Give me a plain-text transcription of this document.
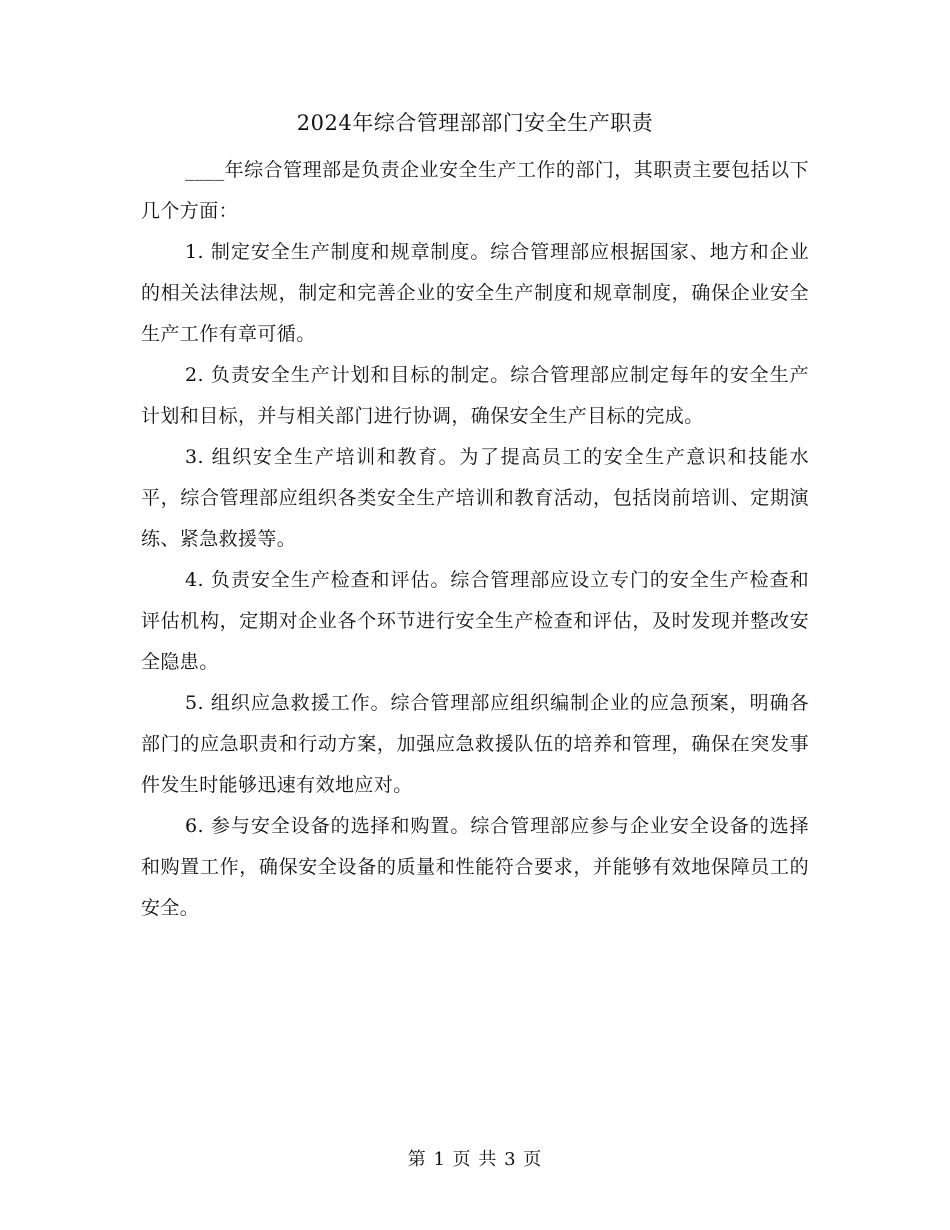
2024年综合管理部部门安全生产职责

____年综合管理部是负责企业安全生产工作的部门，其职责主要包括以下几个方面：

1. 制定安全生产制度和规章制度。综合管理部应根据国家、地方和企业的相关法律法规，制定和完善企业的安全生产制度和规章制度，确保企业安全生产工作有章可循。

2. 负责安全生产计划和目标的制定。综合管理部应制定每年的安全生产计划和目标，并与相关部门进行协调，确保安全生产目标的完成。

3. 组织安全生产培训和教育。为了提高员工的安全生产意识和技能水平，综合管理部应组织各类安全生产培训和教育活动，包括岗前培训、定期演练、紧急救援等。

4. 负责安全生产检查和评估。综合管理部应设立专门的安全生产检查和评估机构，定期对企业各个环节进行安全生产检查和评估，及时发现并整改安全隐患。

5. 组织应急救援工作。综合管理部应组织编制企业的应急预案，明确各部门的应急职责和行动方案，加强应急救援队伍的培养和管理，确保在突发事件发生时能够迅速有效地应对。

6. 参与安全设备的选择和购置。综合管理部应参与企业安全设备的选择和购置工作，确保安全设备的质量和性能符合要求，并能够有效地保障员工的安全。

第 1 页 共 3 页
